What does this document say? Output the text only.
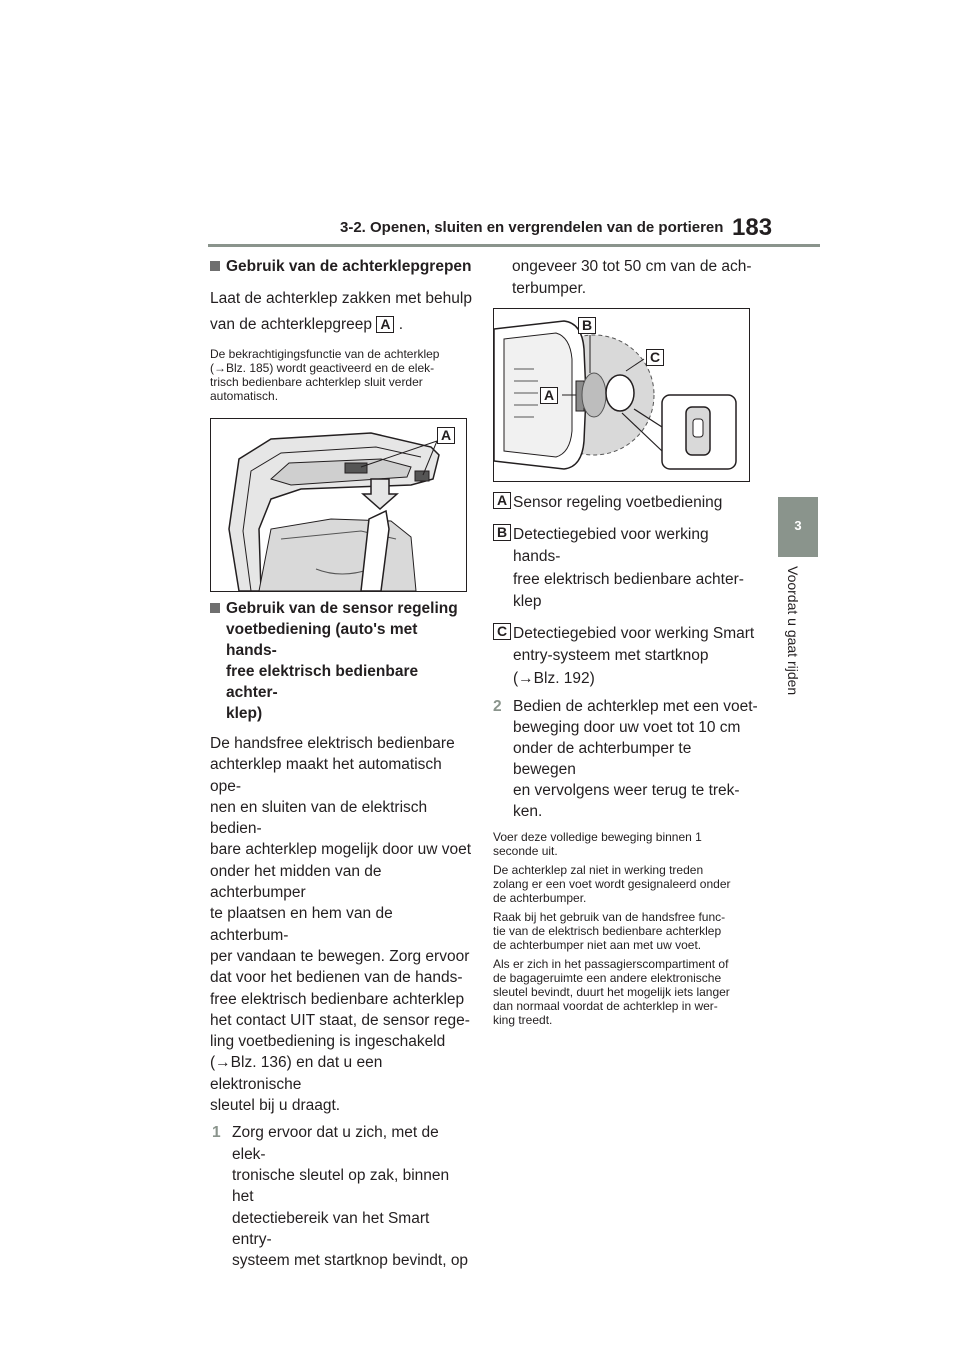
3-2. Openen, sluiten en vergrendelen van de portieren 183
3
Voordat u gaat rijden
Gebruik van de achterklepgrepen
Laat de achterklep zakken met behulp
van de achterklepgreep A .
De bekrachtigingsfunctie van de achterklep
(→Blz. 185) wordt geactiveerd en de elek-
trisch bedienbare achterklep sluit verder
automatisch.
A
Gebruik van de sensor regeling
voetbediening (auto's met hands-
free elektrisch bedienbare achter-
klep)
De handsfree elektrisch bedienbare
achterklep maakt het automatisch ope-
nen en sluiten van de elektrisch bedien-
bare achterklep mogelijk door uw voet
onder het midden van de achterbumper
te plaatsen en hem van de achterbum-
per vandaan te bewegen. Zorg ervoor
dat voor het bedienen van de hands-
free elektrisch bedienbare achterklep
het contact UIT staat, de sensor rege-
ling voetbediening is ingeschakeld
(→Blz. 136) en dat u een elektronische
sleutel bij u draagt.
1 Zorg ervoor dat u zich, met de elek-
tronische sleutel op zak, binnen het
detectiebereik van het Smart entry-
systeem met startknop bevindt, op
ongeveer 30 tot 50 cm van de ach-
terbumper.
B
C
A
A Sensor regeling voetbediening
B Detectiegebied voor werking hands-
free elektrisch bedienbare achter-
klep
C Detectiegebied voor werking Smart
entry-systeem met startknop
(→Blz. 192)
2 Bedien de achterklep met een voet-
beweging door uw voet tot 10 cm
onder de achterbumper te bewegen
en vervolgens weer terug te trek-
ken.
Voer deze volledige beweging binnen 1
seconde uit.
De achterklep zal niet in werking treden
zolang er een voet wordt gesignaleerd onder
de achterbumper.
Raak bij het gebruik van de handsfree func-
tie van de elektrisch bedienbare achterklep
de achterbumper niet aan met uw voet.
Als er zich in het passagierscompartiment of
de bagageruimte een andere elektronische
sleutel bevindt, duurt het mogelijk iets langer
dan normaal voordat de achterklep in wer-
king treedt.
